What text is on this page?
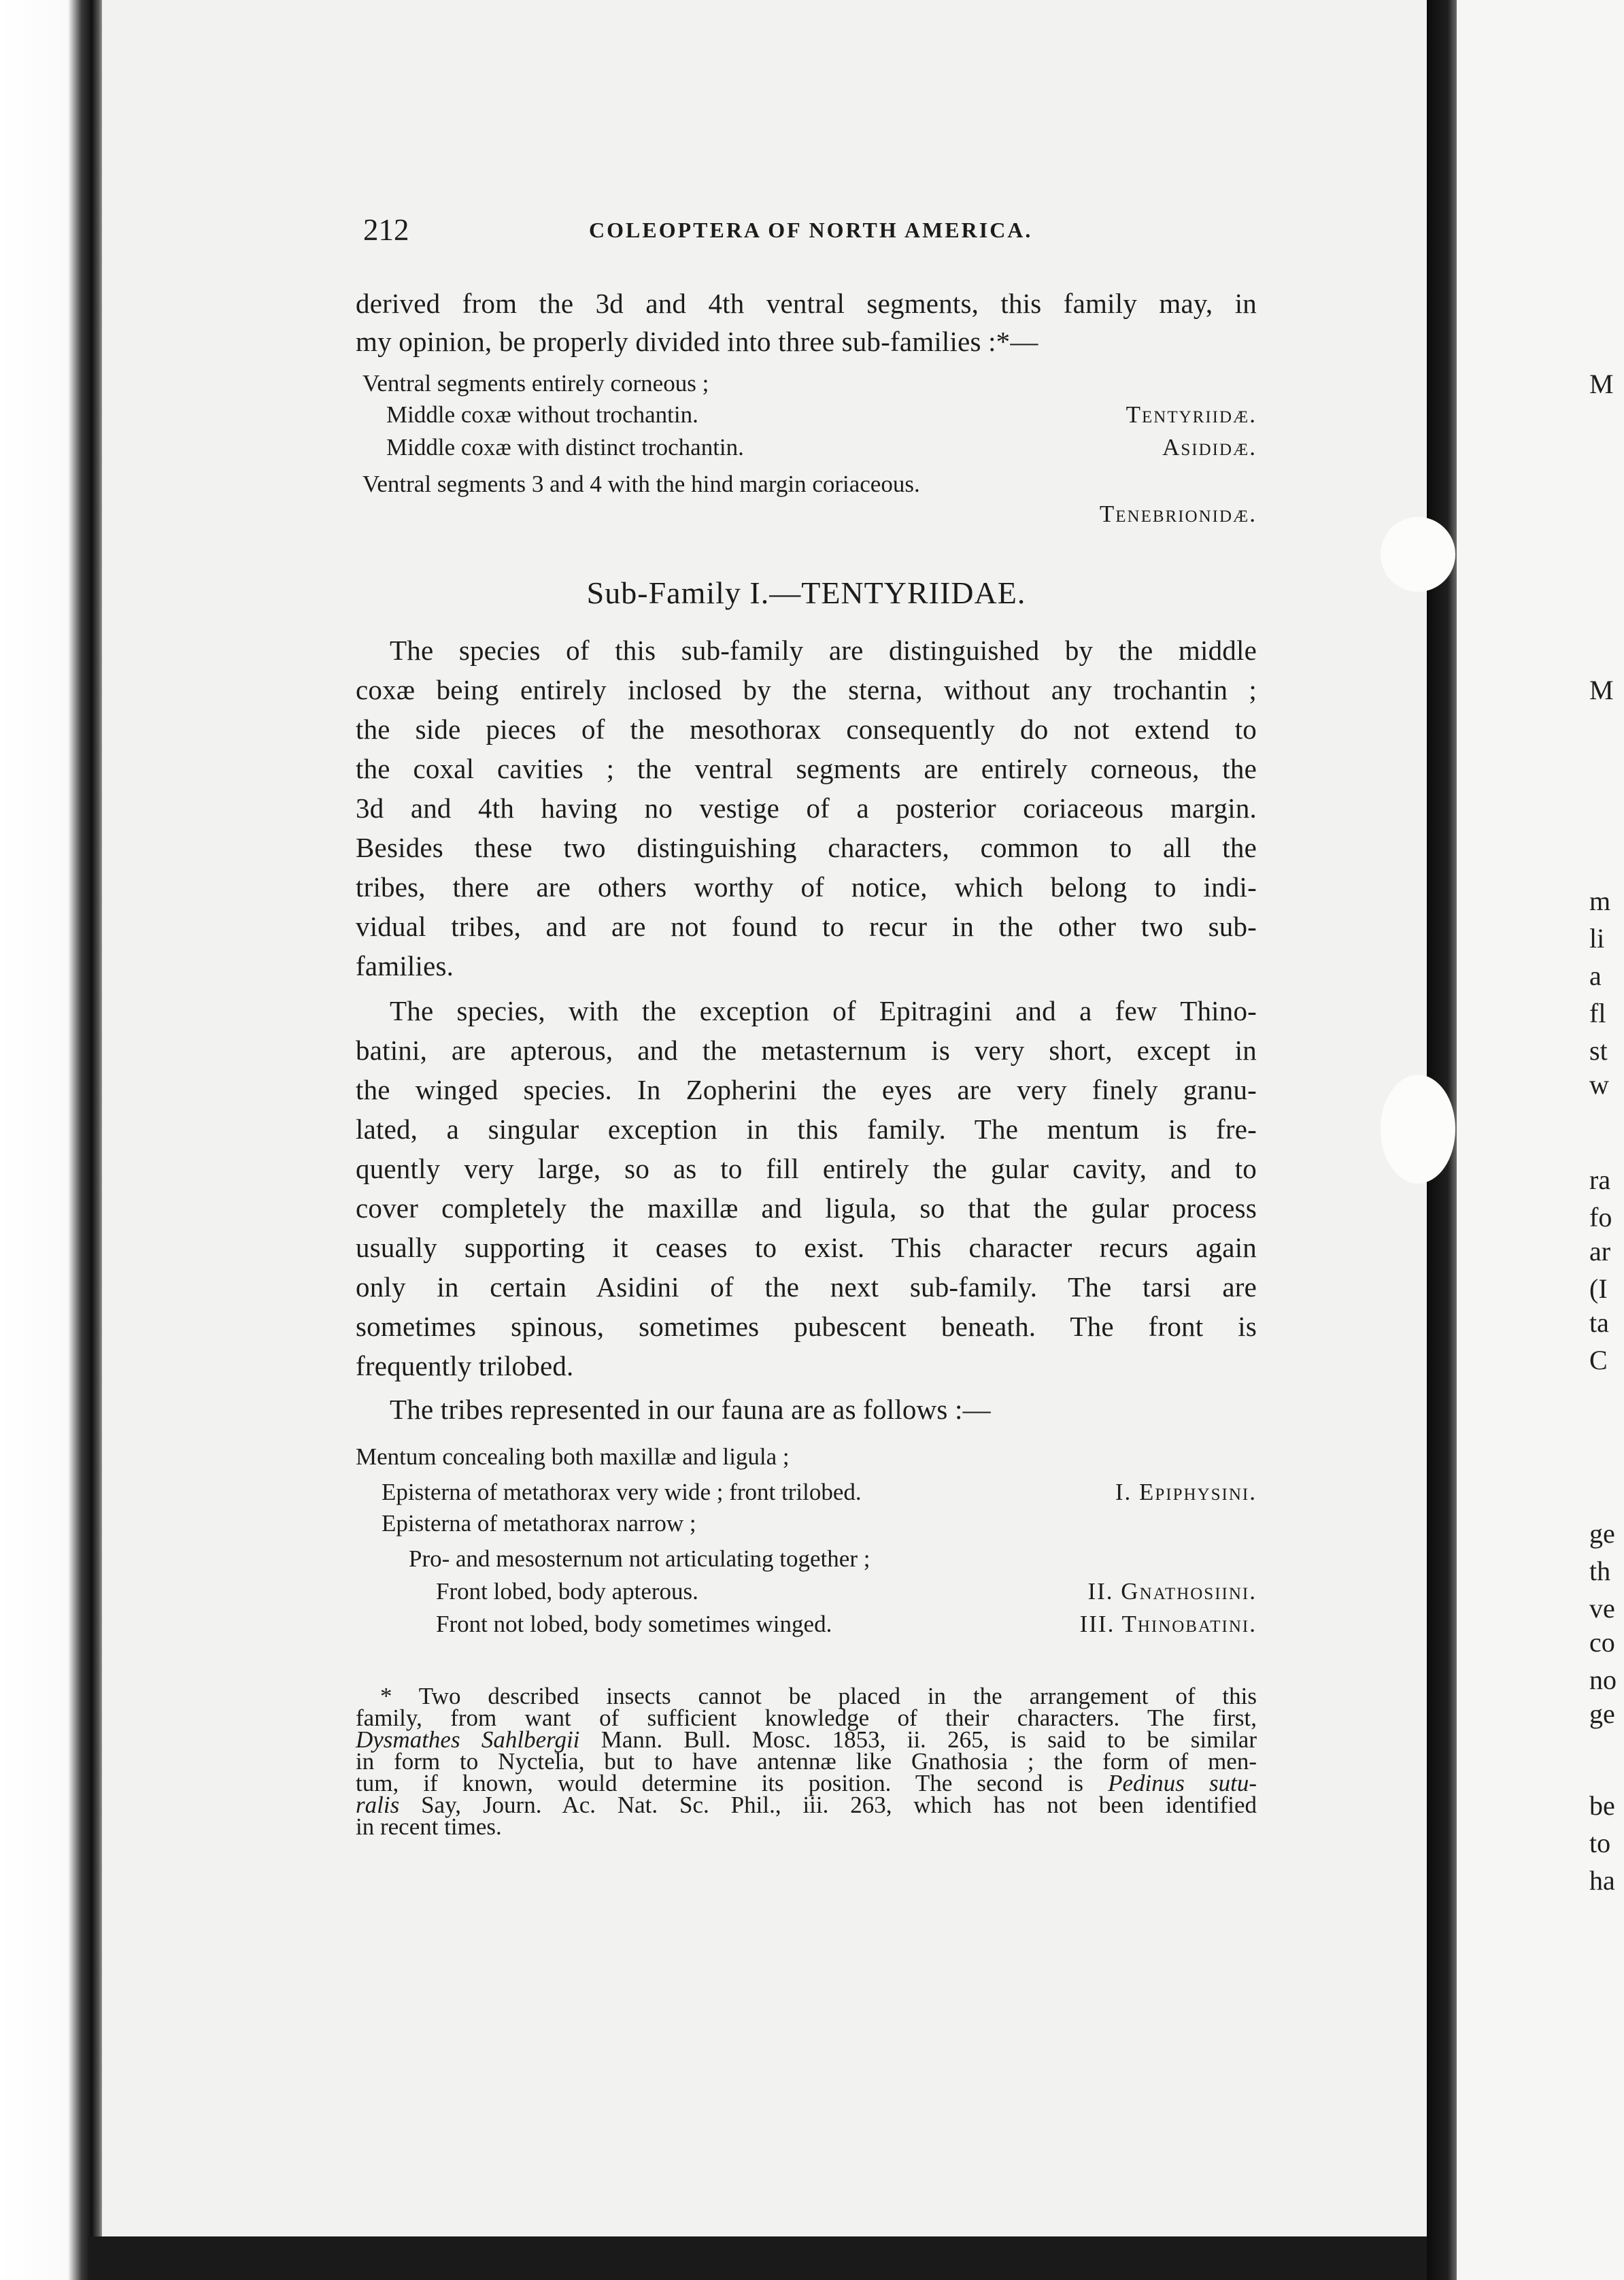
M
M
m
li
a
fl
st
w
ra
fo
ar
(I
ta
C
ge
th
ve
co
no
ge
be
to
ha
212	COLEOPTERA OF NORTH AMERICA.
derived from the 3d and 4th ventral segments, this family may, in
my opinion, be properly divided into three sub-families :*—
Ventral segments entirely corneous ;
Middle coxæ without trochantin.	Tentyriidæ.
Middle coxæ with distinct trochantin.	Asididæ.
Ventral segments 3 and 4 with the hind margin coriaceous.
Tenebrionidæ.
Sub-Family I.—TENTYRIIDAE.
The species of this sub-family are distinguished by the middle
coxæ being entirely inclosed by the sterna, without any trochantin ;
the side pieces of the mesothorax consequently do not extend to
the coxal cavities ; the ventral segments are entirely corneous, the
3d and 4th having no vestige of a posterior coriaceous margin.
Besides these two distinguishing characters, common to all the
tribes, there are others worthy of notice, which belong to indi-
vidual tribes, and are not found to recur in the other two sub-
families.
The species, with the exception of Epitragini and a few Thino-
batini, are apterous, and the metasternum is very short, except in
the winged species. In Zopherini the eyes are very finely granu-
lated, a singular exception in this family. The mentum is fre-
quently very large, so as to fill entirely the gular cavity, and to
cover completely the maxillæ and ligula, so that the gular process
usually supporting it ceases to exist. This character recurs again
only in certain Asidini of the next sub-family. The tarsi are
sometimes spinous, sometimes pubescent beneath. The front is
frequently trilobed.
The tribes represented in our fauna are as follows :—
Mentum concealing both maxillæ and ligula ;
Episterna of metathorax very wide ; front trilobed.	I. Epiphysini.
Episterna of metathorax narrow ;
Pro- and mesosternum not articulating together ;
Front lobed, body apterous.	II. Gnathosiini.
Front not lobed, body sometimes winged.	III. Thinobatini.
* Two described insects cannot be placed in the arrangement of this
family, from want of sufficient knowledge of their characters. The first,
Dysmathes Sahlbergii Mann. Bull. Mosc. 1853, ii. 265, is said to be similar
in form to Nyctelia, but to have antennæ like Gnathosia ; the form of men-
tum, if known, would determine its position. The second is Pedinus sutu-
ralis Say, Journ. Ac. Nat. Sc. Phil., iii. 263, which has not been identified
in recent times.
